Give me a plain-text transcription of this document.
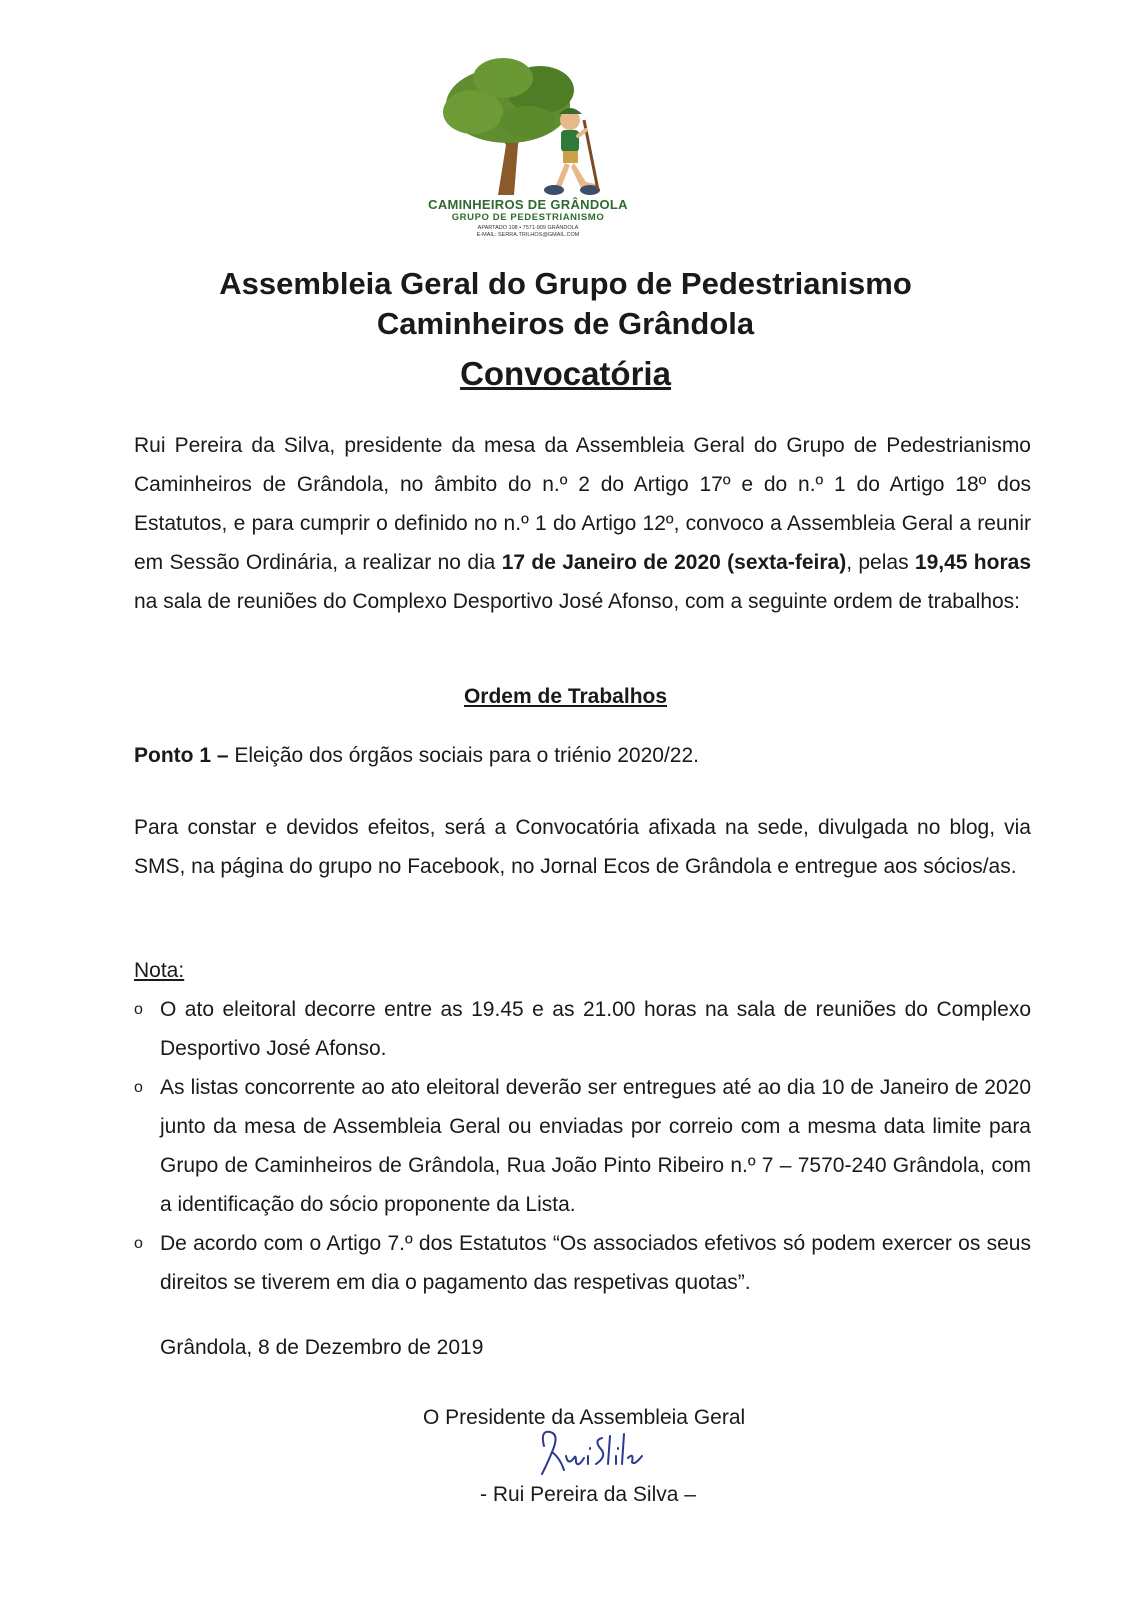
CAMINHEIROS DE GRÂNDOLA
GRUPO DE PEDESTRIANISMO
APARTADO 108 • 7571-909 GRÂNDOLA
E-MAIL: SERRA.TRILHOS@GMAIL.COM
Assembleia Geral do Grupo de Pedestrianismo
Caminheiros de Grândola
Convocatória

Rui Pereira da Silva, presidente da mesa da Assembleia Geral do Grupo de Pedestrianismo Caminheiros de Grândola, no âmbito do n.º 2 do Artigo 17º e do n.º 1 do Artigo 18º dos Estatutos, e para cumprir o definido no n.º 1 do Artigo 12º, convoco a Assembleia Geral a reunir em Sessão Ordinária, a realizar no dia 17 de Janeiro de 2020 (sexta-feira), pelas 19,45 horas na sala de reuniões do Complexo Desportivo José Afonso, com a seguinte ordem de trabalhos:

Ordem de Trabalhos
Ponto 1 – Eleição dos órgãos sociais para o triénio 2020/22.

Para constar e devidos efeitos, será a Convocatória afixada na sede, divulgada no blog, via SMS, na página do grupo no Facebook, no Jornal Ecos de Grândola e entregue aos sócios/as.

Nota:
o O ato eleitoral decorre entre as 19.45 e as 21.00 horas na sala de reuniões do Complexo Desportivo José Afonso.
o As listas concorrente ao ato eleitoral deverão ser entregues até ao dia 10 de Janeiro de 2020 junto da mesa de Assembleia Geral ou enviadas por correio com a mesma data limite para Grupo de Caminheiros de Grândola, Rua João Pinto Ribeiro n.º 7 – 7570-240 Grândola, com a identificação do sócio proponente da Lista.
o De acordo com o Artigo 7.º dos Estatutos “Os associados efetivos só podem exercer os seus direitos se tiverem em dia o pagamento das respetivas quotas”.
Grândola, 8 de Dezembro de 2019
O Presidente da Assembleia Geral
- Rui Pereira da Silva –
